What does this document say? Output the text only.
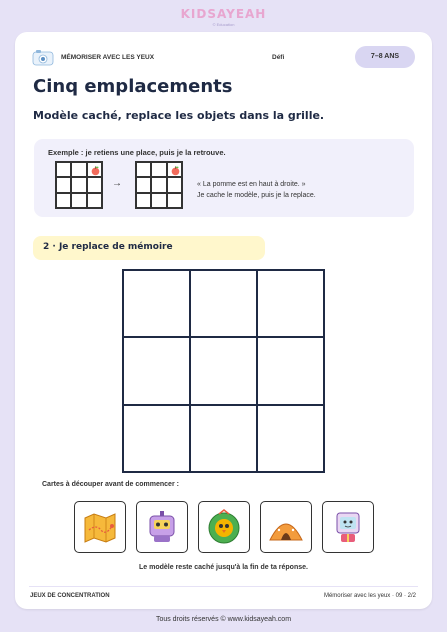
KIDSAYEAH
© Education
MÉMORISER AVEC LES YEUX	Défi	7–8 ANS
Cinq emplacements
Modèle caché, replace les objets dans la grille.
Exemple : je retiens une place, puis je la retrouve.
→	« La pomme est en haut à droite. »
Je cache le modèle, puis je la replace.
2 · Je replace de mémoire
Cartes à découper avant de commencer :
Le modèle reste caché jusqu'à la fin de ta réponse.
JEUX DE CONCENTRATION	Mémoriser avec les yeux · 09 · 2/2
Tous droits réservés © www.kidsayeah.com
